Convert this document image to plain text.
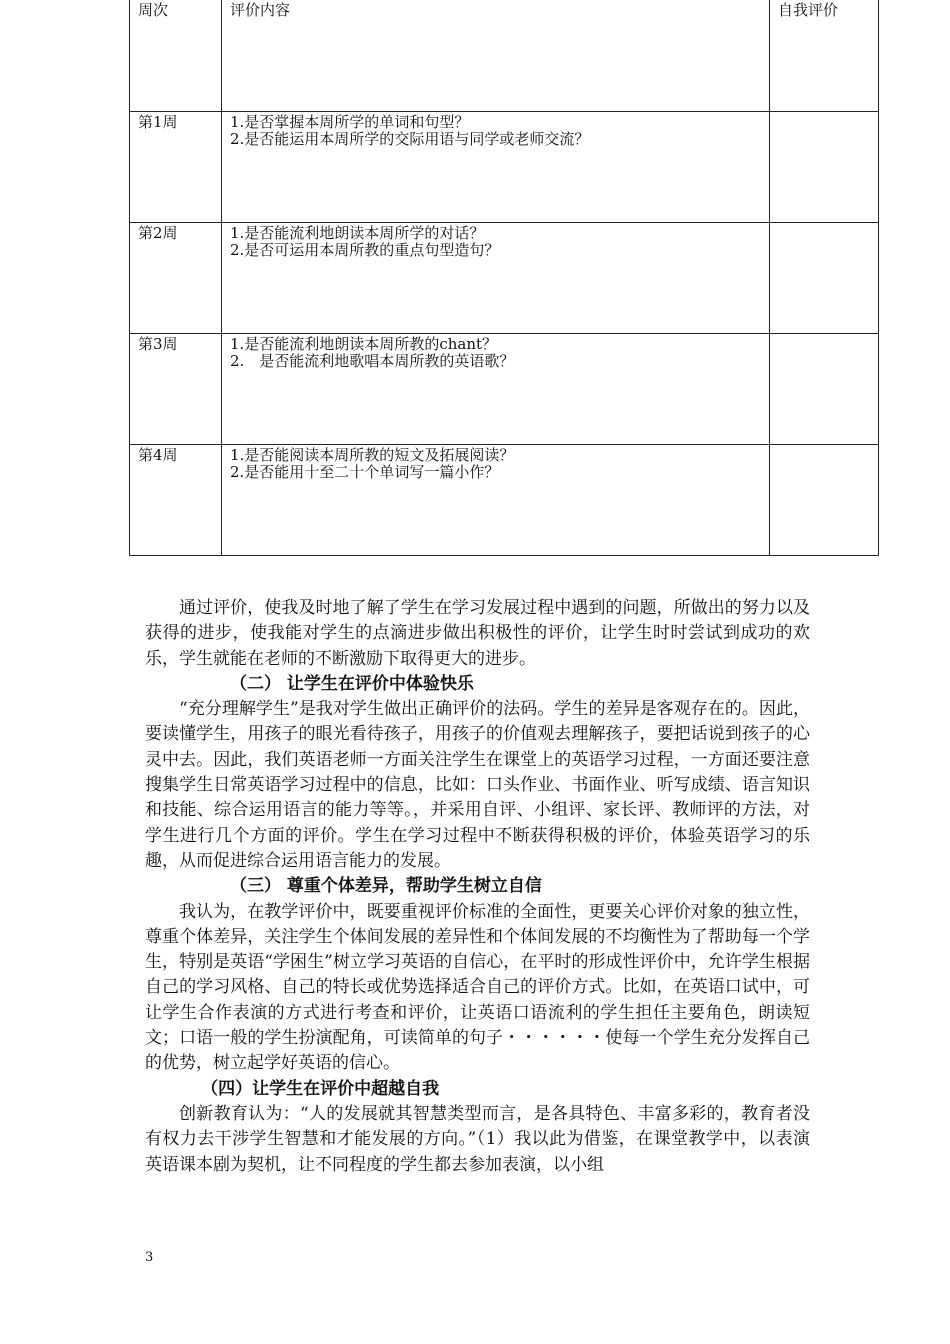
周次	评价内容	自我评价
第1周	1.是否掌握本周所学的单词和句型？
2.是否能运用本周所学的交际用语与同学或老师交流？	

第2周	1.是否能流利地朗读本周所学的对话？
2.是否可运用本周所教的重点句型造句？	

第3周	1.是否能流利地朗读本周所教的chant？
2.　是否能流利地歌唱本周所教的英语歌？	

第4周	1.是否能阅读本周所教的短文及拓展阅读？
2.是否能用十至二十个单词写一篇小作？	

通过评价，使我及时地了解了学生在学习发展过程中遇到的问题，所做出的努力以及获得的进步，使我能对学生的点滴进步做出积极性的评价，让学生时时尝试到成功的欢乐，学生就能在老师的不断激励下取得更大的进步。

（二） 让学生在评价中体验快乐

“充分理解学生”是我对学生做出正确评价的法码。学生的差异是客观存在的。因此，要读懂学生，用孩子的眼光看待孩子，用孩子的价值观去理解孩子，要把话说到孩子的心灵中去。因此，我们英语老师一方面关注学生在课堂上的英语学习过程，一方面还要注意搜集学生日常英语学习过程中的信息，比如：口头作业、书面作业、听写成绩、语言知识和技能、综合运用语言的能力等等。，并采用自评、小组评、家长评、教师评的方法，对学生进行几个方面的评价。学生在学习过程中不断获得积极的评价，体验英语学习的乐趣，从而促进综合运用语言能力的发展。

（三） 尊重个体差异，帮助学生树立自信

我认为，在教学评价中，既要重视评价标准的全面性，更要关心评价对象的独立性，尊重个体差异，关注学生个体间发展的差异性和个体间发展的不均衡性为了帮助每一个学生，特别是英语“学困生”树立学习英语的自信心，在平时的形成性评价中，允许学生根据自己的学习风格、自己的特长或优势选择适合自己的评价方式。比如，在英语口试中，可让学生合作表演的方式进行考查和评价，让英语口语流利的学生担任主要角色，朗读短文；口语一般的学生扮演配角，可读简单的句子・・・・・・使每一个学生充分发挥自己的优势，树立起学好英语的信心。

（四）让学生在评价中超越自我

创新教育认为：“人的发展就其智慧类型而言，是各具特色、丰富多彩的，教育者没有权力去干涉学生智慧和才能发展的方向。”（1）我以此为借鉴，在课堂教学中，以表演英语课本剧为契机，让不同程度的学生都去参加表演，以小组

3
